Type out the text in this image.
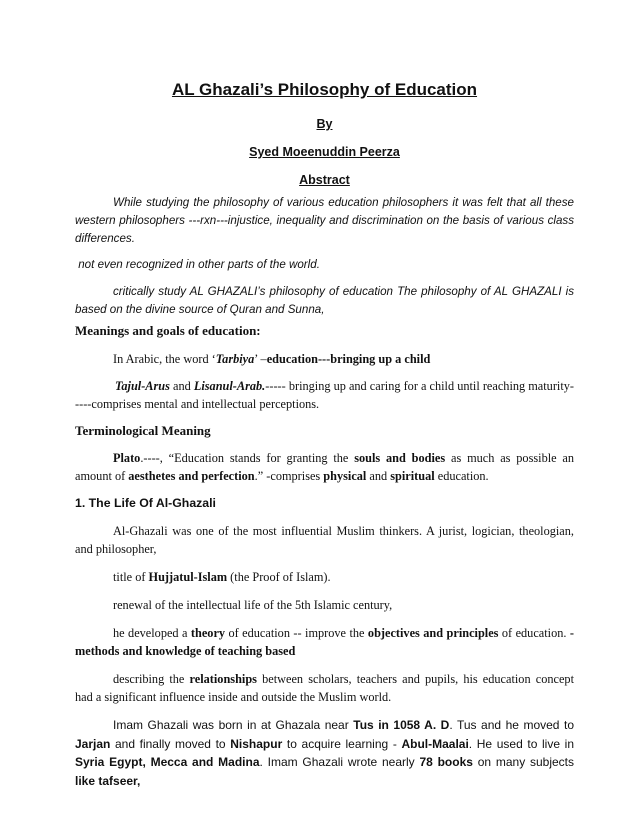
AL Ghazali’s Philosophy of Education
By
Syed Moeenuddin Peerza
Abstract
While studying the philosophy of various education philosophers it was felt that all these western philosophers ---rxn---injustice, inequality and discrimination on the basis of various class differences.
not even recognized in other parts of the world.
critically study AL GHAZALI’s philosophy of education The philosophy of AL GHAZALI is based on the divine source of Quran and Sunna,
Meanings and goals of education:
In Arabic, the word ‘Tarbiya’ –education---bringing up a child
Tajul-Arus and Lisanul-Arab.----- bringing up and caring for a child until reaching maturity-----comprises mental and intellectual perceptions.
Terminological Meaning
Plato.----, “Education stands for granting the souls and bodies as much as possible an amount of aesthetes and perfection.” -comprises physical and spiritual education.
1. The Life Of Al-Ghazali
Al-Ghazali was one of the most influential Muslim thinkers. A jurist, logician, theologian, and philosopher,
title of Hujjatul-Islam (the Proof of Islam).
renewal of the intellectual life of the 5th Islamic century,
he developed a theory of education -- improve the objectives and principles of education. - methods and knowledge of teaching based
describing the relationships between scholars, teachers and pupils, his education concept had a significant influence inside and outside the Muslim world.
Imam Ghazali was born in at Ghazala near Tus in 1058 A. D. Tus and he moved to Jarjan and finally moved to Nishapur to acquire learning - Abul-Maalai. He used to live in Syria Egypt, Mecca and Madina. Imam Ghazali wrote nearly 78 books on many subjects like tafseer,
